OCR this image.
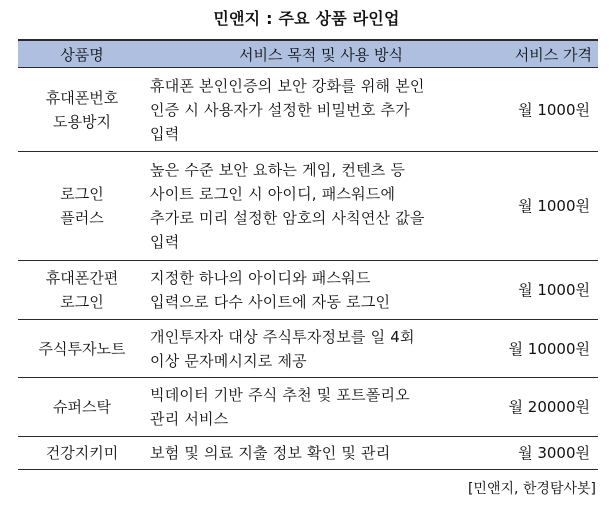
민앤지 : 주요 상품 라인업
상품명	서비스 목적 및 사용 방식	서비스 가격

휴대폰번호
도용방지	휴대폰 본인인증의 보안 강화를 위해 본인
인증 시 사용자가 설정한 비밀번호 추가
입력	월 1000원

로그인
플러스	높은 수준 보안 요하는 게임, 컨텐츠 등
사이트 로그인 시 아이디, 패스워드에
추가로 미리 설정한 암호의 사칙연산 값을
입력	월 1000원

휴대폰간편
로그인	지정한 하나의 아이디와 패스워드
입력으로 다수 사이트에 자동 로그인	월 1000원

주식투자노트	개인투자자 대상 주식투자정보를 일 4회
이상 문자메시지로 제공	월 10000원

슈퍼스탁	빅데이터 기반 주식 추천 및 포트폴리오
관리 서비스	월 20000원

건강지키미	보험 및 의료 지출 정보 확인 및 관리	월 3000원
[민앤지, 한경탐사봇]
